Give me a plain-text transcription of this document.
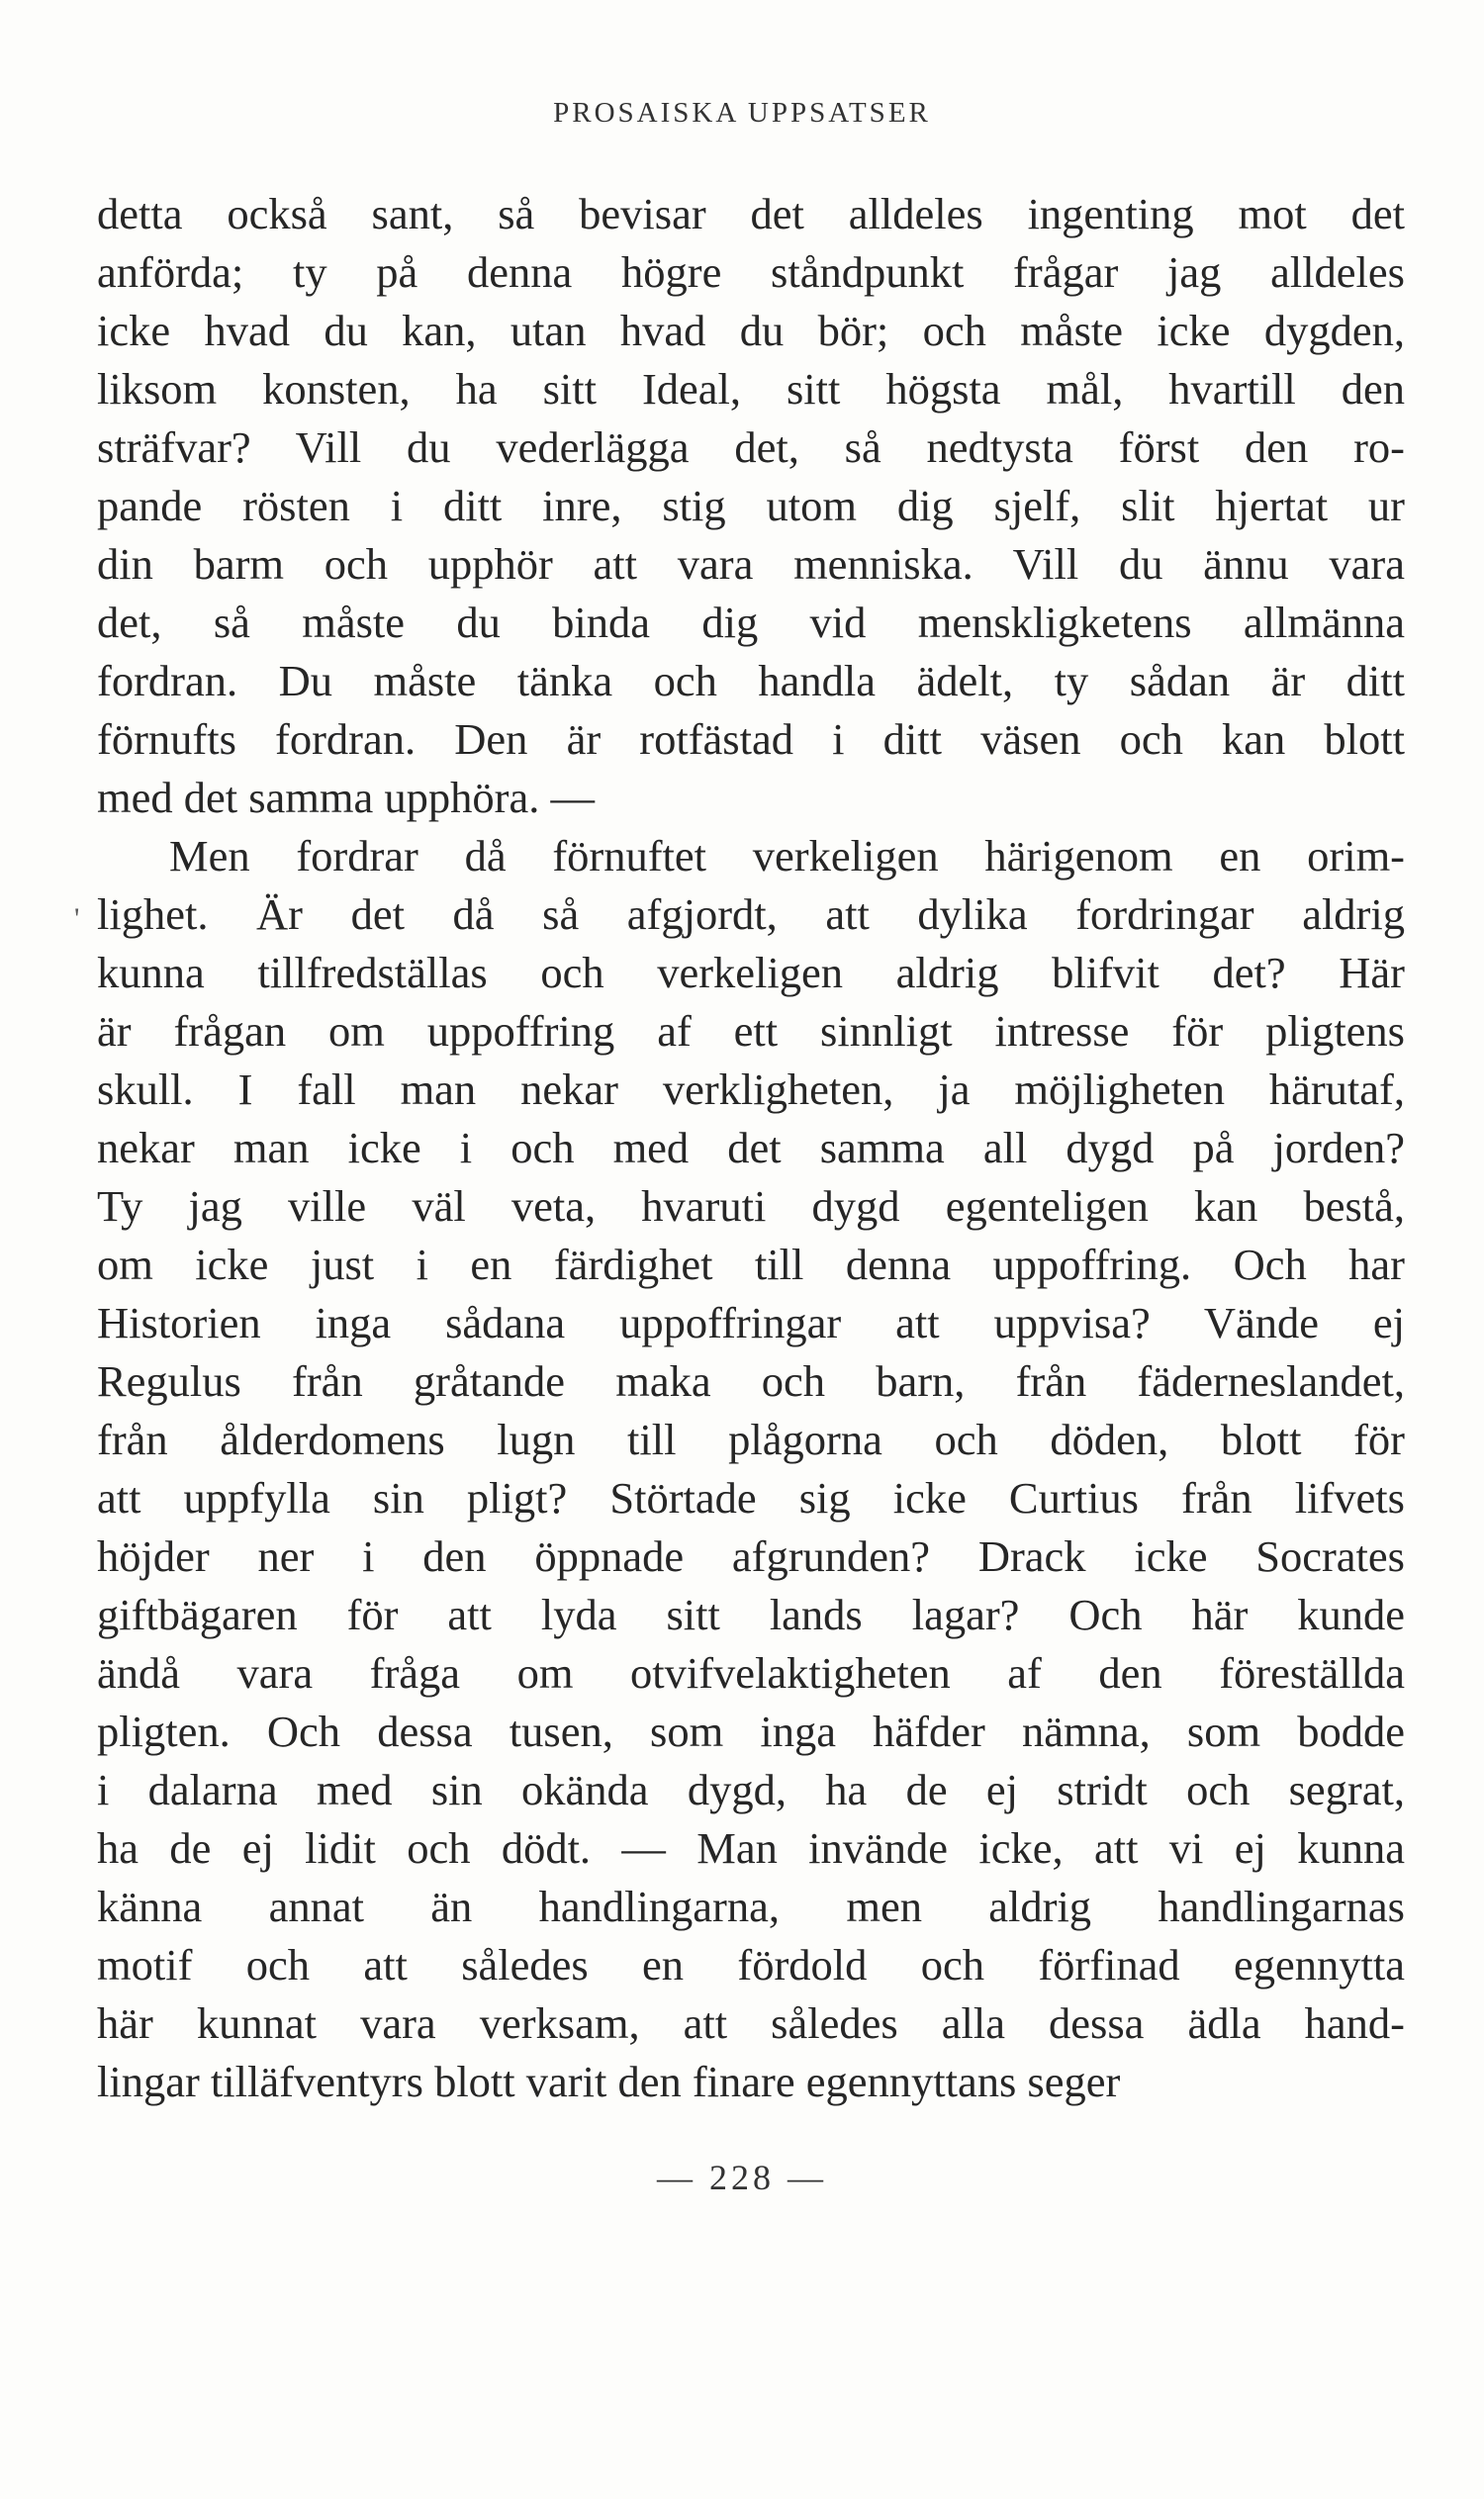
PROSAISKA UPPSATSER
'
detta också sant, så bevisar det alldeles ingenting mot det
anförda; ty på denna högre ståndpunkt frågar jag alldeles
icke hvad du kan, utan hvad du bör; och måste icke dygden,
liksom konsten, ha sitt Ideal, sitt högsta mål, hvartill den
sträfvar? Vill du vederlägga det, så nedtysta först den ro-
pande rösten i ditt inre, stig utom dig sjelf, slit hjertat ur
din barm och upphör att vara menniska. Vill du ännu vara
det, så måste du binda dig vid menskligketens allmänna
fordran. Du måste tänka och handla ädelt, ty sådan är ditt
förnufts fordran. Den är rotfästad i ditt väsen och kan blott
med det samma upphöra. —
Men fordrar då förnuftet verkeligen härigenom en orim-
lighet. Är det då så afgjordt, att dylika fordringar aldrig
kunna tillfredställas och verkeligen aldrig blifvit det? Här
är frågan om uppoffring af ett sinnligt intresse för pligtens
skull. I fall man nekar verkligheten, ja möjligheten härutaf,
nekar man icke i och med det samma all dygd på jorden?
Ty jag ville väl veta, hvaruti dygd egenteligen kan bestå,
om icke just i en färdighet till denna uppoffring. Och har
Historien inga sådana uppoffringar att uppvisa? Vände ej
Regulus från gråtande maka och barn, från fäderneslandet,
från ålderdomens lugn till plågorna och döden, blott för
att uppfylla sin pligt? Störtade sig icke Curtius från lifvets
höjder ner i den öppnade afgrunden? Drack icke Socrates
giftbägaren för att lyda sitt lands lagar? Och här kunde
ändå vara fråga om otvifvelaktigheten af den föreställda
pligten. Och dessa tusen, som inga häfder nämna, som bodde
i dalarna med sin okända dygd, ha de ej stridt och segrat,
ha de ej lidit och dödt. — Man invände icke, att vi ej kunna
känna annat än handlingarna, men aldrig handlingarnas
motif och att således en fördold och förfinad egennytta
här kunnat vara verksam, att således alla dessa ädla hand-
lingar tilläfventyrs blott varit den finare egennyttans seger
— 228 —
